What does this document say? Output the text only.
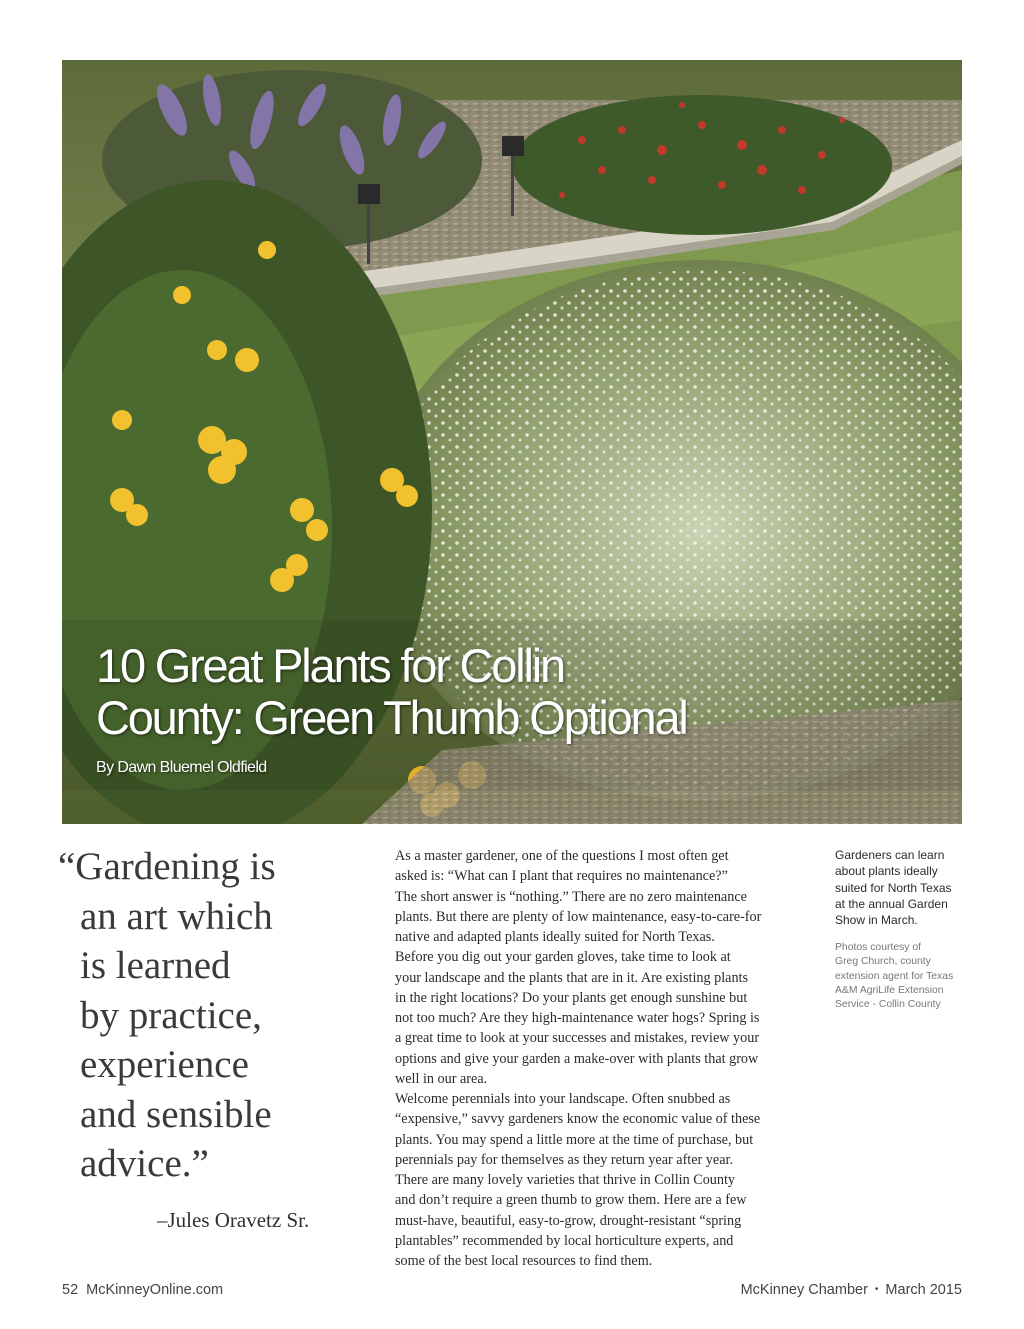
10 Great Plants for Collin
County: Green Thumb Optional
By Dawn Bluemel Oldfield
“Gardening is
an art which
is learned
by practice,
experience
and sensible
advice.”
–Jules Oravetz Sr.

As a master gardener, one of the questions I most often get
asked is: “What can I plant that requires no maintenance?”
The short answer is “nothing.” There are no zero maintenance
plants. But there are plenty of low maintenance, easy-to-care-for
native and adapted plants ideally suited for North Texas.

Before you dig out your garden gloves, take time to look at
your landscape and the plants that are in it. Are existing plants
in the right locations? Do your plants get enough sunshine but
not too much? Are they high-maintenance water hogs? Spring is
a great time to look at your successes and mistakes, review your
options and give your garden a make-over with plants that grow
well in our area.

Welcome perennials into your landscape. Often snubbed as
“expensive,” savvy gardeners know the economic value of these
plants. You may spend a little more at the time of purchase, but
perennials pay for themselves as they return year after year.
There are many lovely varieties that thrive in Collin County
and don’t require a green thumb to grow them. Here are a few
must-have, beautiful, easy-to-grow, drought-resistant “spring
plantables” recommended by local horticulture experts, and
some of the best local resources to find them.

Gardeners can learn
about plants ideally
suited for North Texas
at the annual Garden
Show in March.
Photos courtesy of
Greg Church, county
extension agent for Texas
A&M AgriLife Extension
Service - Collin County
52 McKinneyOnline.com	McKinney Chamber • March 2015
